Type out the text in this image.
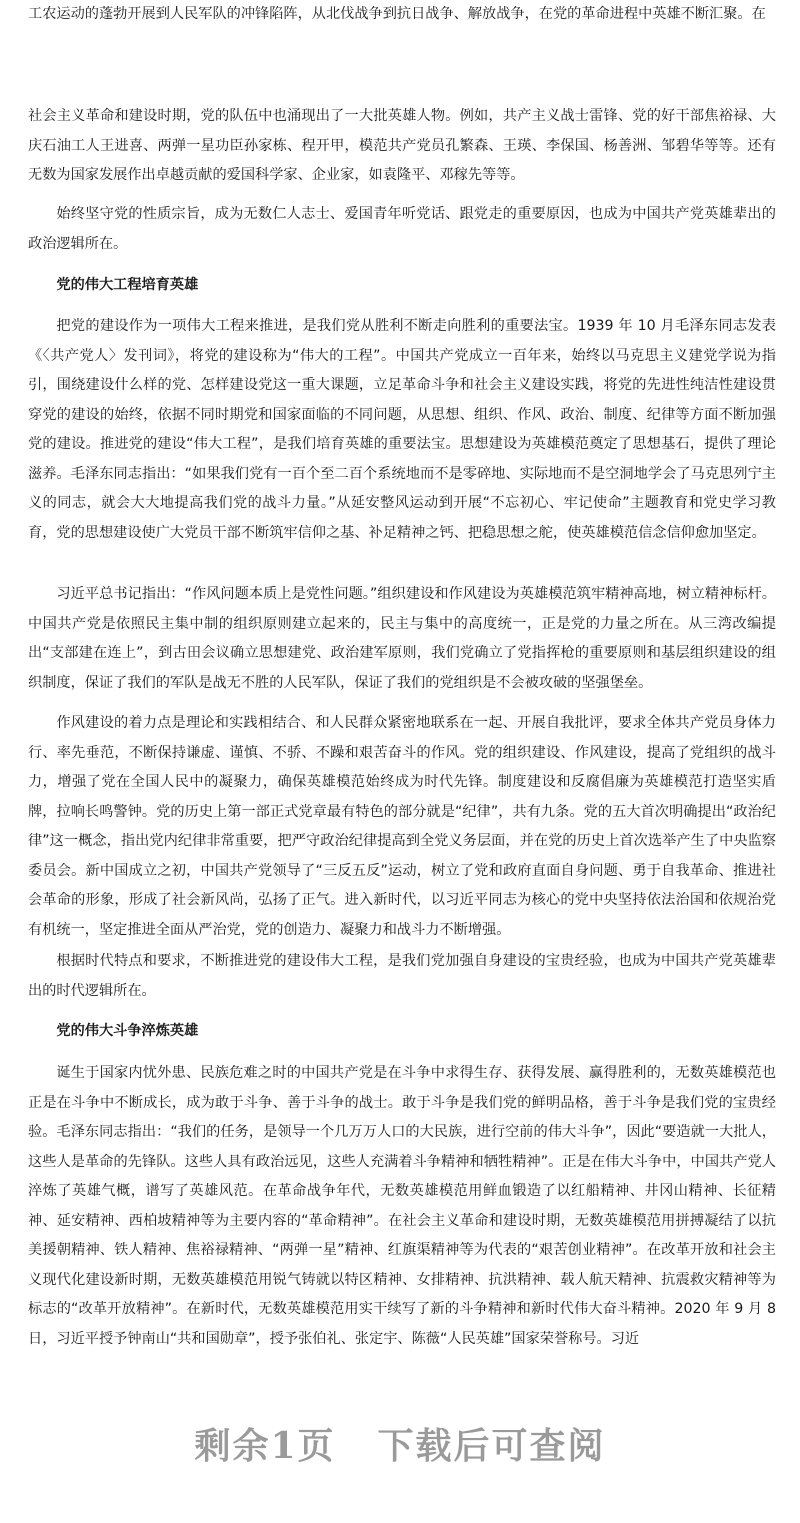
工农运动的蓬勃开展到人民军队的冲锋陷阵，从北伐战争到抗日战争、解放战争，在党的革命进程中英雄不断汇聚。在

社会主义革命和建设时期，党的队伍中也涌现出了一大批英雄人物。例如，共产主义战士雷锋、党的好干部焦裕禄、大庆石油工人王进喜、两弹一星功臣孙家栋、程开甲，模范共产党员孔繁森、王瑛、李保国、杨善洲、邹碧华等等。还有无数为国家发展作出卓越贡献的爱国科学家、企业家，如袁隆平、邓稼先等等。

始终坚守党的性质宗旨，成为无数仁人志士、爱国青年听党话、跟党走的重要原因，也成为中国共产党英雄辈出的政治逻辑所在。

党的伟大工程培育英雄

把党的建设作为一项伟大工程来推进，是我们党从胜利不断走向胜利的重要法宝。1939 年 10 月毛泽东同志发表《〈共产党人〉发刊词》，将党的建设称为“伟大的工程”。中国共产党成立一百年来，始终以马克思主义建党学说为指引，围绕建设什么样的党、怎样建设党这一重大课题，立足革命斗争和社会主义建设实践，将党的先进性纯洁性建设贯穿党的建设的始终，依据不同时期党和国家面临的不同问题，从思想、组织、作风、政治、制度、纪律等方面不断加强党的建设。推进党的建设“伟大工程”，是我们培育英雄的重要法宝。思想建设为英雄模范奠定了思想基石，提供了理论滋养。毛泽东同志指出：“如果我们党有一百个至二百个系统地而不是零碎地、实际地而不是空洞地学会了马克思列宁主义的同志，就会大大地提高我们党的战斗力量。”从延安整风运动到开展“不忘初心、牢记使命”主题教育和党史学习教育，党的思想建设使广大党员干部不断筑牢信仰之基、补足精神之钙、把稳思想之舵，使英雄模范信念信仰愈加坚定。

习近平总书记指出：“作风问题本质上是党性问题。”组织建设和作风建设为英雄模范筑牢精神高地，树立精神标杆。中国共产党是依照民主集中制的组织原则建立起来的，民主与集中的高度统一，正是党的力量之所在。从三湾改编提出“支部建在连上”，到古田会议确立思想建党、政治建军原则，我们党确立了党指挥枪的重要原则和基层组织建设的组织制度，保证了我们的军队是战无不胜的人民军队，保证了我们的党组织是不会被攻破的坚强堡垒。

作风建设的着力点是理论和实践相结合、和人民群众紧密地联系在一起、开展自我批评，要求全体共产党员身体力行、率先垂范，不断保持谦虚、谨慎、不骄、不躁和艰苦奋斗的作风。党的组织建设、作风建设，提高了党组织的战斗力，增强了党在全国人民中的凝聚力，确保英雄模范始终成为时代先锋。制度建设和反腐倡廉为英雄模范打造坚实盾牌，拉响长鸣警钟。党的历史上第一部正式党章最有特色的部分就是“纪律”，共有九条。党的五大首次明确提出“政治纪律”这一概念，指出党内纪律非常重要，把严守政治纪律提高到全党义务层面，并在党的历史上首次选举产生了中央监察委员会。新中国成立之初，中国共产党领导了“三反五反”运动，树立了党和政府直面自身问题、勇于自我革命、推进社会革命的形象，形成了社会新风尚，弘扬了正气。进入新时代，以习近平同志为核心的党中央坚持依法治国和依规治党有机统一，坚定推进全面从严治党，党的创造力、凝聚力和战斗力不断增强。

根据时代特点和要求，不断推进党的建设伟大工程，是我们党加强自身建设的宝贵经验，也成为中国共产党英雄辈出的时代逻辑所在。

党的伟大斗争淬炼英雄

诞生于国家内忧外患、民族危难之时的中国共产党是在斗争中求得生存、获得发展、赢得胜利的，无数英雄模范也正是在斗争中不断成长，成为敢于斗争、善于斗争的战士。敢于斗争是我们党的鲜明品格，善于斗争是我们党的宝贵经验。毛泽东同志指出：“我们的任务，是领导一个几万万人口的大民族，进行空前的伟大斗争”，因此“要造就一大批人，这些人是革命的先锋队。这些人具有政治远见，这些人充满着斗争精神和牺牲精神”。正是在伟大斗争中，中国共产党人淬炼了英雄气概，谱写了英雄风范。在革命战争年代，无数英雄模范用鲜血锻造了以红船精神、井冈山精神、长征精神、延安精神、西柏坡精神等为主要内容的“革命精神”。在社会主义革命和建设时期，无数英雄模范用拼搏凝结了以抗美援朝精神、铁人精神、焦裕禄精神、“两弹一星”精神、红旗渠精神等为代表的“艰苦创业精神”。在改革开放和社会主义现代化建设新时期，无数英雄模范用锐气铸就以特区精神、女排精神、抗洪精神、载人航天精神、抗震救灾精神等为标志的“改革开放精神”。在新时代，无数英雄模范用实干续写了新的斗争精神和新时代伟大奋斗精神。2020 年 9 月 8 日，习近平授予钟南山“共和国勋章”，授予张伯礼、张定宇、陈薇“人民英雄”国家荣誉称号。习近

剩余1页 下载后可查阅
